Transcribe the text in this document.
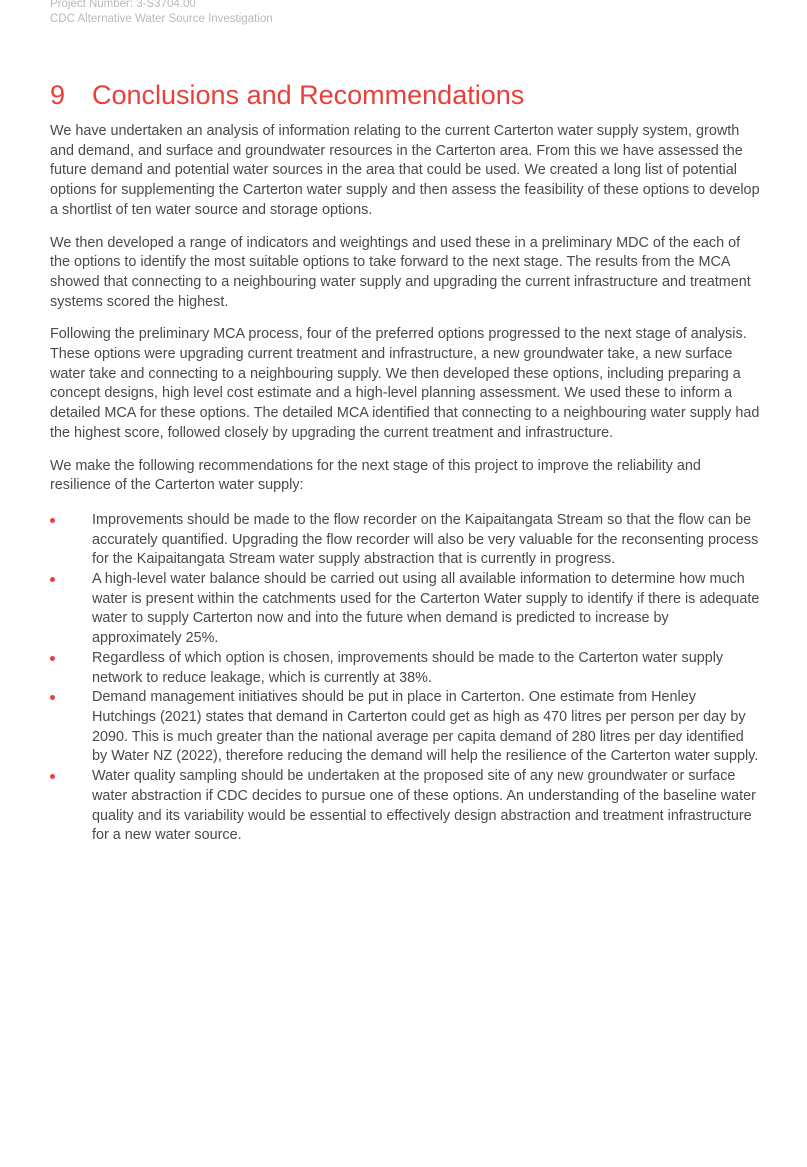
Project Number: 3-S3704.00
CDC Alternative Water Source Investigation
9 Conclusions and Recommendations

We have undertaken an analysis of information relating to the current Carterton water supply system, growth and demand, and surface and groundwater resources in the Carterton area. From this we have assessed the future demand and potential water sources in the area that could be used. We created a long list of potential options for supplementing the Carterton water supply and then assess the feasibility of these options to develop a shortlist of ten water source and storage options.

We then developed a range of indicators and weightings and used these in a preliminary MDC of the each of the options to identify the most suitable options to take forward to the next stage. The results from the MCA showed that connecting to a neighbouring water supply and upgrading the current infrastructure and treatment systems scored the highest.

Following the preliminary MCA process, four of the preferred options progressed to the next stage of analysis. These options were upgrading current treatment and infrastructure, a new groundwater take, a new surface water take and connecting to a neighbouring supply. We then developed these options, including preparing a concept designs, high level cost estimate and a high-level planning assessment. We used these to inform a detailed MCA for these options. The detailed MCA identified that connecting to a neighbouring water supply had the highest score, followed closely by upgrading the current treatment and infrastructure.

We make the following recommendations for the next stage of this project to improve the reliability and resilience of the Carterton water supply:

Improvements should be made to the flow recorder on the Kaipaitangata Stream so that the flow can be accurately quantified. Upgrading the flow recorder will also be very valuable for the reconsenting process for the Kaipaitangata Stream water supply abstraction that is currently in progress.
A high-level water balance should be carried out using all available information to determine how much water is present within the catchments used for the Carterton Water supply to identify if there is adequate water to supply Carterton now and into the future when demand is predicted to increase by approximately 25%.
Regardless of which option is chosen, improvements should be made to the Carterton water supply network to reduce leakage, which is currently at 38%.
Demand management initiatives should be put in place in Carterton. One estimate from Henley Hutchings (2021) states that demand in Carterton could get as high as 470 litres per person per day by 2090. This is much greater than the national average per capita demand of 280 litres per day identified by Water NZ (2022), therefore reducing the demand will help the resilience of the Carterton water supply.
Water quality sampling should be undertaken at the proposed site of any new groundwater or surface water abstraction if CDC decides to pursue one of these options. An understanding of the baseline water quality and its variability would be essential to effectively design abstraction and treatment infrastructure for a new water source.
